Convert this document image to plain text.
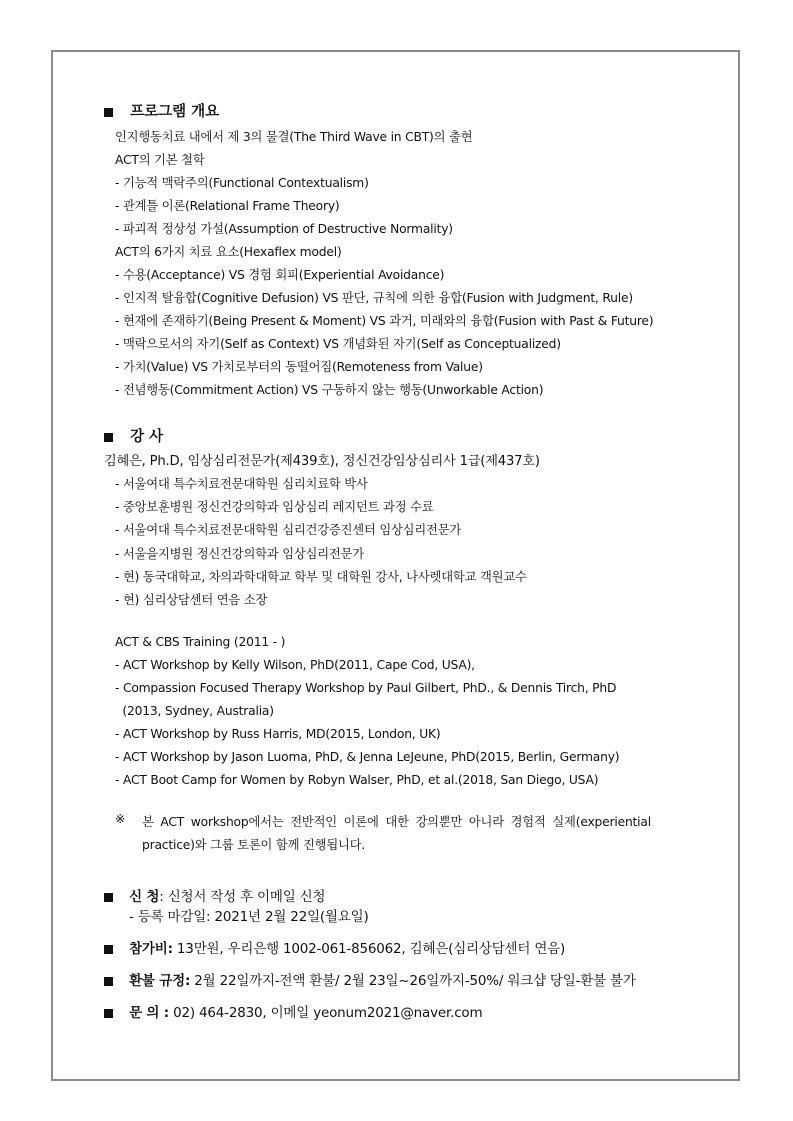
프로그램 개요
인지행동치료 내에서 제 3의 물결(The Third Wave in CBT)의 출현
ACT의 기본 철학
- 기능적 맥락주의(Functional Contextualism)
- 관계틀 이론(Relational Frame Theory)
- 파괴적 정상성 가설(Assumption of Destructive Normality)
ACT의 6가지 치료 요소(Hexaflex model)
- 수용(Acceptance) VS 경험 회피(Experiential Avoidance)
- 인지적 탈융합(Cognitive Defusion) VS 판단, 규칙에 의한 융합(Fusion with Judgment, Rule)
- 현재에 존재하기(Being Present & Moment) VS 과거, 미래와의 융합(Fusion with Past & Future)
- 맥락으로서의 자기(Self as Context) VS 개념화된 자기(Self as Conceptualized)
- 가치(Value) VS 가치로부터의 동떨어짐(Remoteness from Value)
- 전념행동(Commitment Action) VS 구동하지 않는 행동(Unworkable Action)
강 사
김혜은, Ph.D, 임상심리전문가(제439호), 정신건강임상심리사 1급(제437호)
- 서울여대 특수치료전문대학원 심리치료학 박사
- 중앙보훈병원 정신건강의학과 임상심리 레지던트 과정 수료
- 서울여대 특수치료전문대학원 심리건강증진센터 임상심리전문가
- 서울을지병원 정신건강의학과 임상심리전문가
- 현) 동국대학교, 차의과학대학교 학부 및 대학원 강사, 나사렛대학교 객원교수
- 현) 심리상담센터 연음 소장
ACT & CBS Training (2011 - )
- ACT Workshop by Kelly Wilson, PhD(2011, Cape Cod, USA),
- Compassion Focused Therapy Workshop by Paul Gilbert, PhD., & Dennis Tirch, PhD
(2013, Sydney, Australia)
- ACT Workshop by Russ Harris, MD(2015, London, UK)
- ACT Workshop by Jason Luoma, PhD, & Jenna LeJeune, PhD(2015, Berlin, Germany)
- ACT Boot Camp for Women by Robyn Walser, PhD, et al.(2018, San Diego, USA)
※ 본 ACT workshop에서는 전반적인 이론에 대한 강의뿐만 아니라 경험적 실제(experiential
practice)와 그룹 토론이 함께 진행됩니다.
신 청: 신청서 작성 후 이메일 신청
- 등록 마감일: 2021년 2월 22일(월요일)
참가비: 13만원, 우리은행 1002-061-856062, 김혜은(심리상담센터 연음)
환불 규정: 2월 22일까지-전액 환불/ 2월 23일~26일까지-50%/ 워크샵 당일-환불 불가
문 의 : 02) 464-2830, 이메일 yeonum2021@naver.com
